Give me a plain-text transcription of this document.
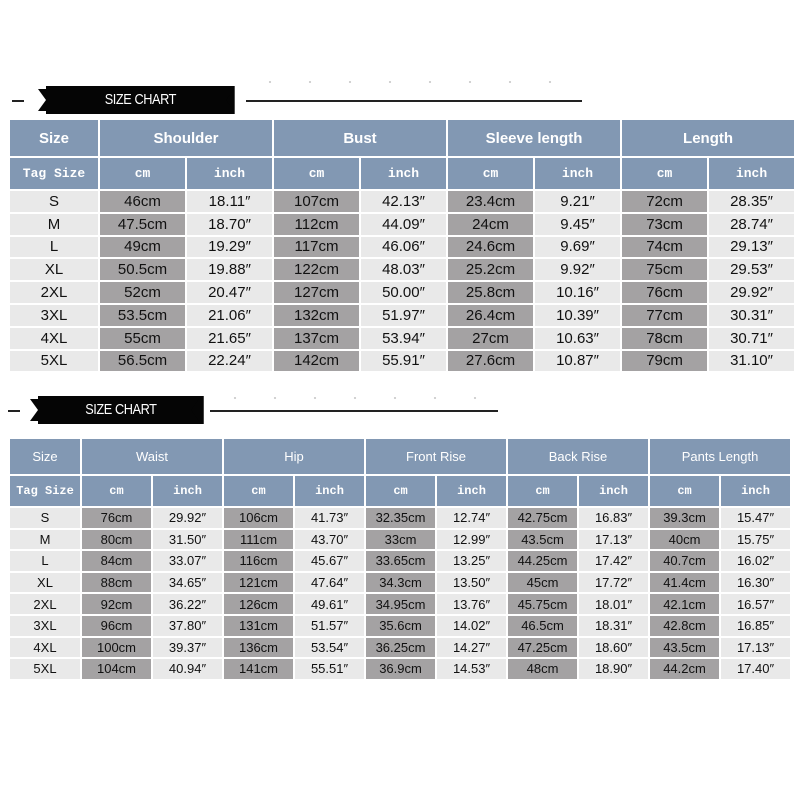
SIZE CHART
Size	Shoulder		Bust		Sleeve length		Length	
Tag Size	cm	inch	cm	inch	cm	inch	cm	inch
S	46cm	18.11″	107cm	42.13″	23.4cm	9.21″	72cm	28.35″
M	47.5cm	18.70″	112cm	44.09″	24cm	9.45″	73cm	28.74″
L	49cm	19.29″	117cm	46.06″	24.6cm	9.69″	74cm	29.13″
XL	50.5cm	19.88″	122cm	48.03″	25.2cm	9.92″	75cm	29.53″
2XL	52cm	20.47″	127cm	50.00″	25.8cm	10.16″	76cm	29.92″
3XL	53.5cm	21.06″	132cm	51.97″	26.4cm	10.39″	77cm	30.31″
4XL	55cm	21.65″	137cm	53.94″	27cm	10.63″	78cm	30.71″
5XL	56.5cm	22.24″	142cm	55.91″	27.6cm	10.87″	79cm	31.10″
SIZE CHART
Size	Waist		Hip		Front Rise		Back Rise		Pants Length	
Tag Size	cm	inch	cm	inch	cm	inch	cm	inch	cm	inch
S	76cm	29.92″	106cm	41.73″	32.35cm	12.74″	42.75cm	16.83″	39.3cm	15.47″
M	80cm	31.50″	111cm	43.70″	33cm	12.99″	43.5cm	17.13″	40cm	15.75″
L	84cm	33.07″	116cm	45.67″	33.65cm	13.25″	44.25cm	17.42″	40.7cm	16.02″
XL	88cm	34.65″	121cm	47.64″	34.3cm	13.50″	45cm	17.72″	41.4cm	16.30″
2XL	92cm	36.22″	126cm	49.61″	34.95cm	13.76″	45.75cm	18.01″	42.1cm	16.57″
3XL	96cm	37.80″	131cm	51.57″	35.6cm	14.02″	46.5cm	18.31″	42.8cm	16.85″
4XL	100cm	39.37″	136cm	53.54″	36.25cm	14.27″	47.25cm	18.60″	43.5cm	17.13″
5XL	104cm	40.94″	141cm	55.51″	36.9cm	14.53″	48cm	18.90″	44.2cm	17.40″
